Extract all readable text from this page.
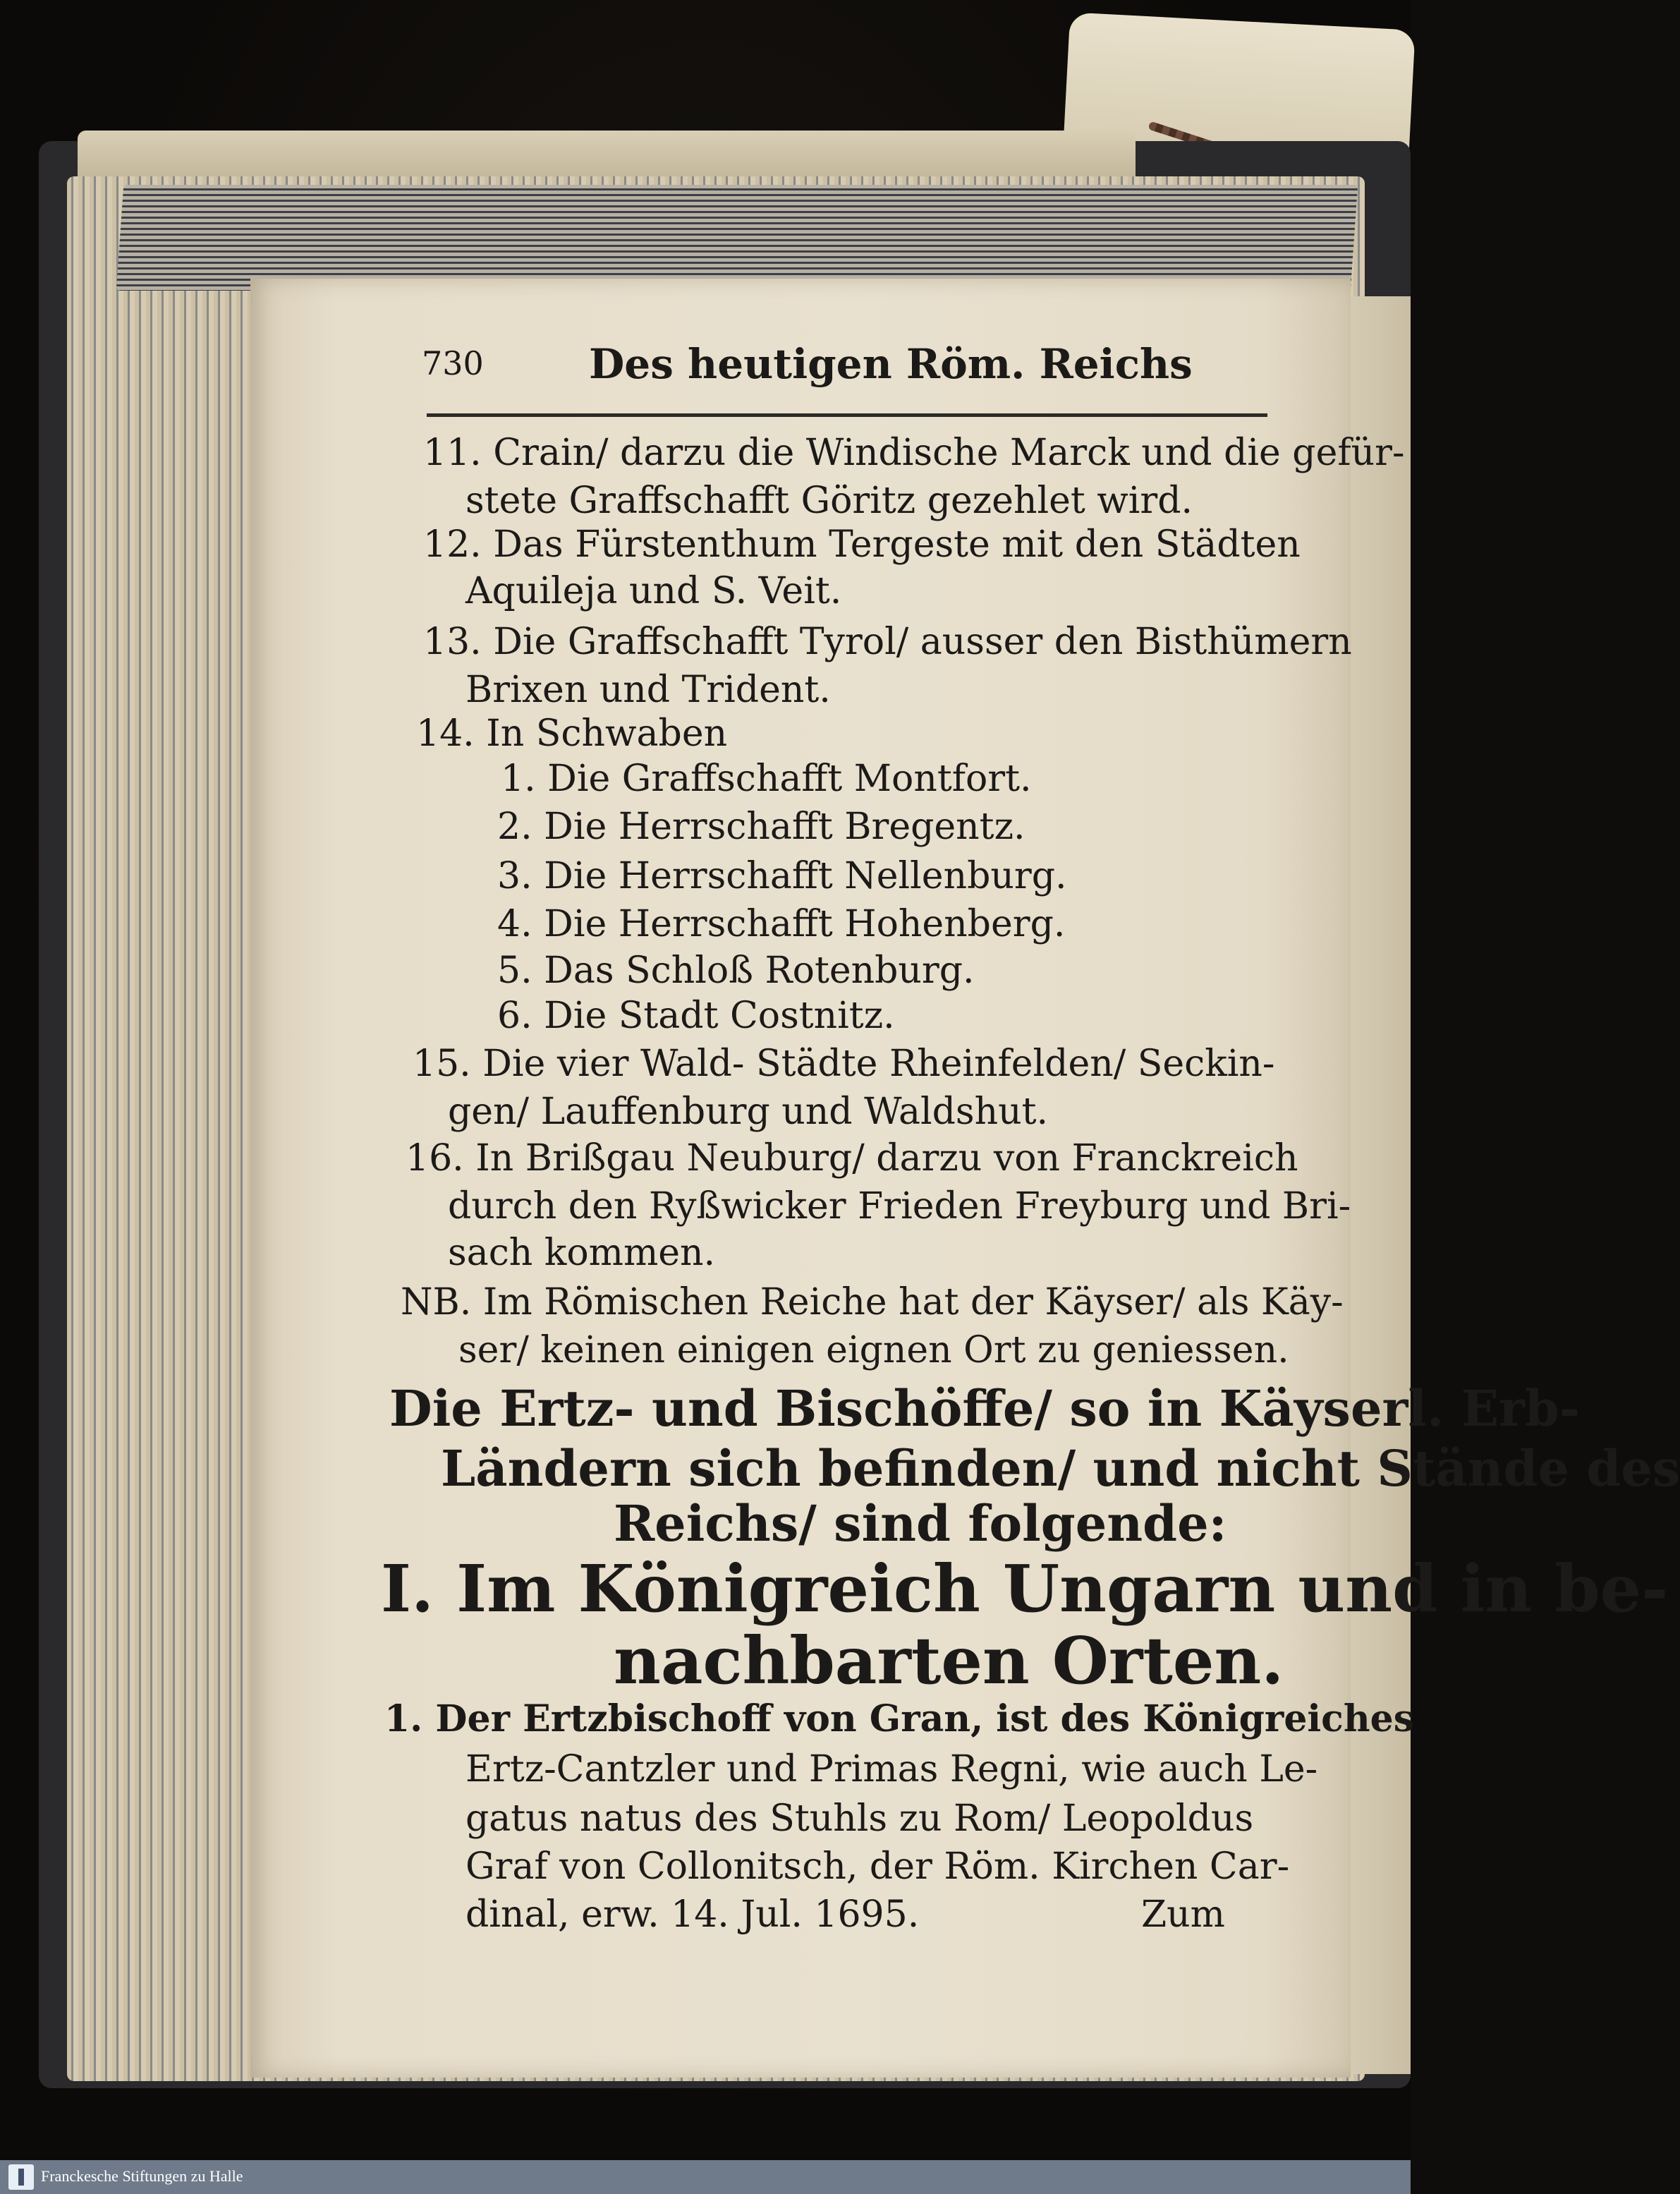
730	Des heutigen Röm. Reichs
11. Crain/ darzu die Windische Marck und die gefür-
stete Graffschafft Göritz gezehlet wird.
12. Das Fürstenthum Tergeste mit den Städten
Aquileja und S. Veit.
13. Die Graffschafft Tyrol/ ausser den Bisthümern
Brixen und Trident.
14. In Schwaben
1. Die Graffschafft Montfort.
2. Die Herrschafft Bregentz.
3. Die Herrschafft Nellenburg.
4. Die Herrschafft Hohenberg.
5. Das Schloß Rotenburg.
6. Die Stadt Costnitz.
15. Die vier Wald- Städte Rheinfelden/ Seckin-
gen/ Lauffenburg und Waldshut.
16. In Brißgau Neuburg/ darzu von Franckreich
durch den Ryßwicker Frieden Freyburg und Bri-
sach kommen.
NB. Im Römischen Reiche hat der Käyser/ als Käy-
ser/ keinen einigen eignen Ort zu geniessen.
Die Ertz- und Bischöffe/ so in Käyserl. Erb-
Ländern sich befinden/ und nicht Stände des
Reichs/ sind folgende:
I. Im Königreich Ungarn und in be-
nachbarten Orten.
1. Der Ertzbischoff von Gran, ist des Königreiches
Ertz-Cantzler und Primas Regni, wie auch Le-
gatus natus des Stuhls zu Rom/ Leopoldus
Graf von Collonitsch, der Röm. Kirchen Car-
dinal, erw. 14. Jul. 1695.	Zum
Franckesche Stiftungen zu Halle
